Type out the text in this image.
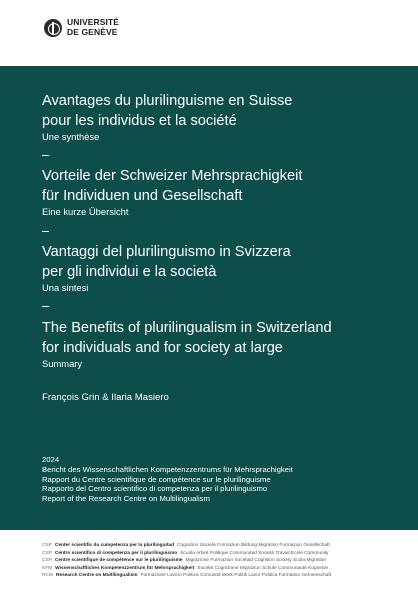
UNIVERSITÉ
DE GENÈVE
Avantages du plurilinguisme en Suisse
pour les individus et la société
Une synthèse
Vorteile der Schweizer Mehrsprachigkeit
für Individuen und Gesellschaft
Eine kurze Übersicht
Vantaggi del plurilinguismo in Svizzera
per gli individui e la società
Una sintesi
The Benefits of plurilingualism in Switzerland
for individuals and for society at large
Summary
François Grin & Ilaria Masiero
2024
Bericht des Wissenschaftlichen Kompetenzzentrums für Mehrsprachigkeit
Rapport du Centre scientifique de compétence sur le plurilinguisme
Rapporto del Centro scientifico di competenza per il plurilinguismo
Report of the Research Centre on Multilingualism
CSP Center scientific da cumpetenza per la plurilinguitad Cognizion Società Formaziun Bildung Migration Furmaziun Gesellschaft
CSP Centro scientifico di competenza per il plurilinguismo Scuola Arbeit Politique Communitad Società Travail Ecole Community
CSP Centre scientifique de compétence sur le plurilinguisme Migrazione Furmaziun Sociétad Cognition Society Scola Migration
KFM Wissenschaftliches Kompetenzzentrum für Mehrsprachigkeit Société Cognizione Migraziun Schule Communauté Kognition
RCM Research Centre on Multilingualism Formazione Lavoro Politica Comunità Work Politik Lavur Politica Formation Gemeinschaft
